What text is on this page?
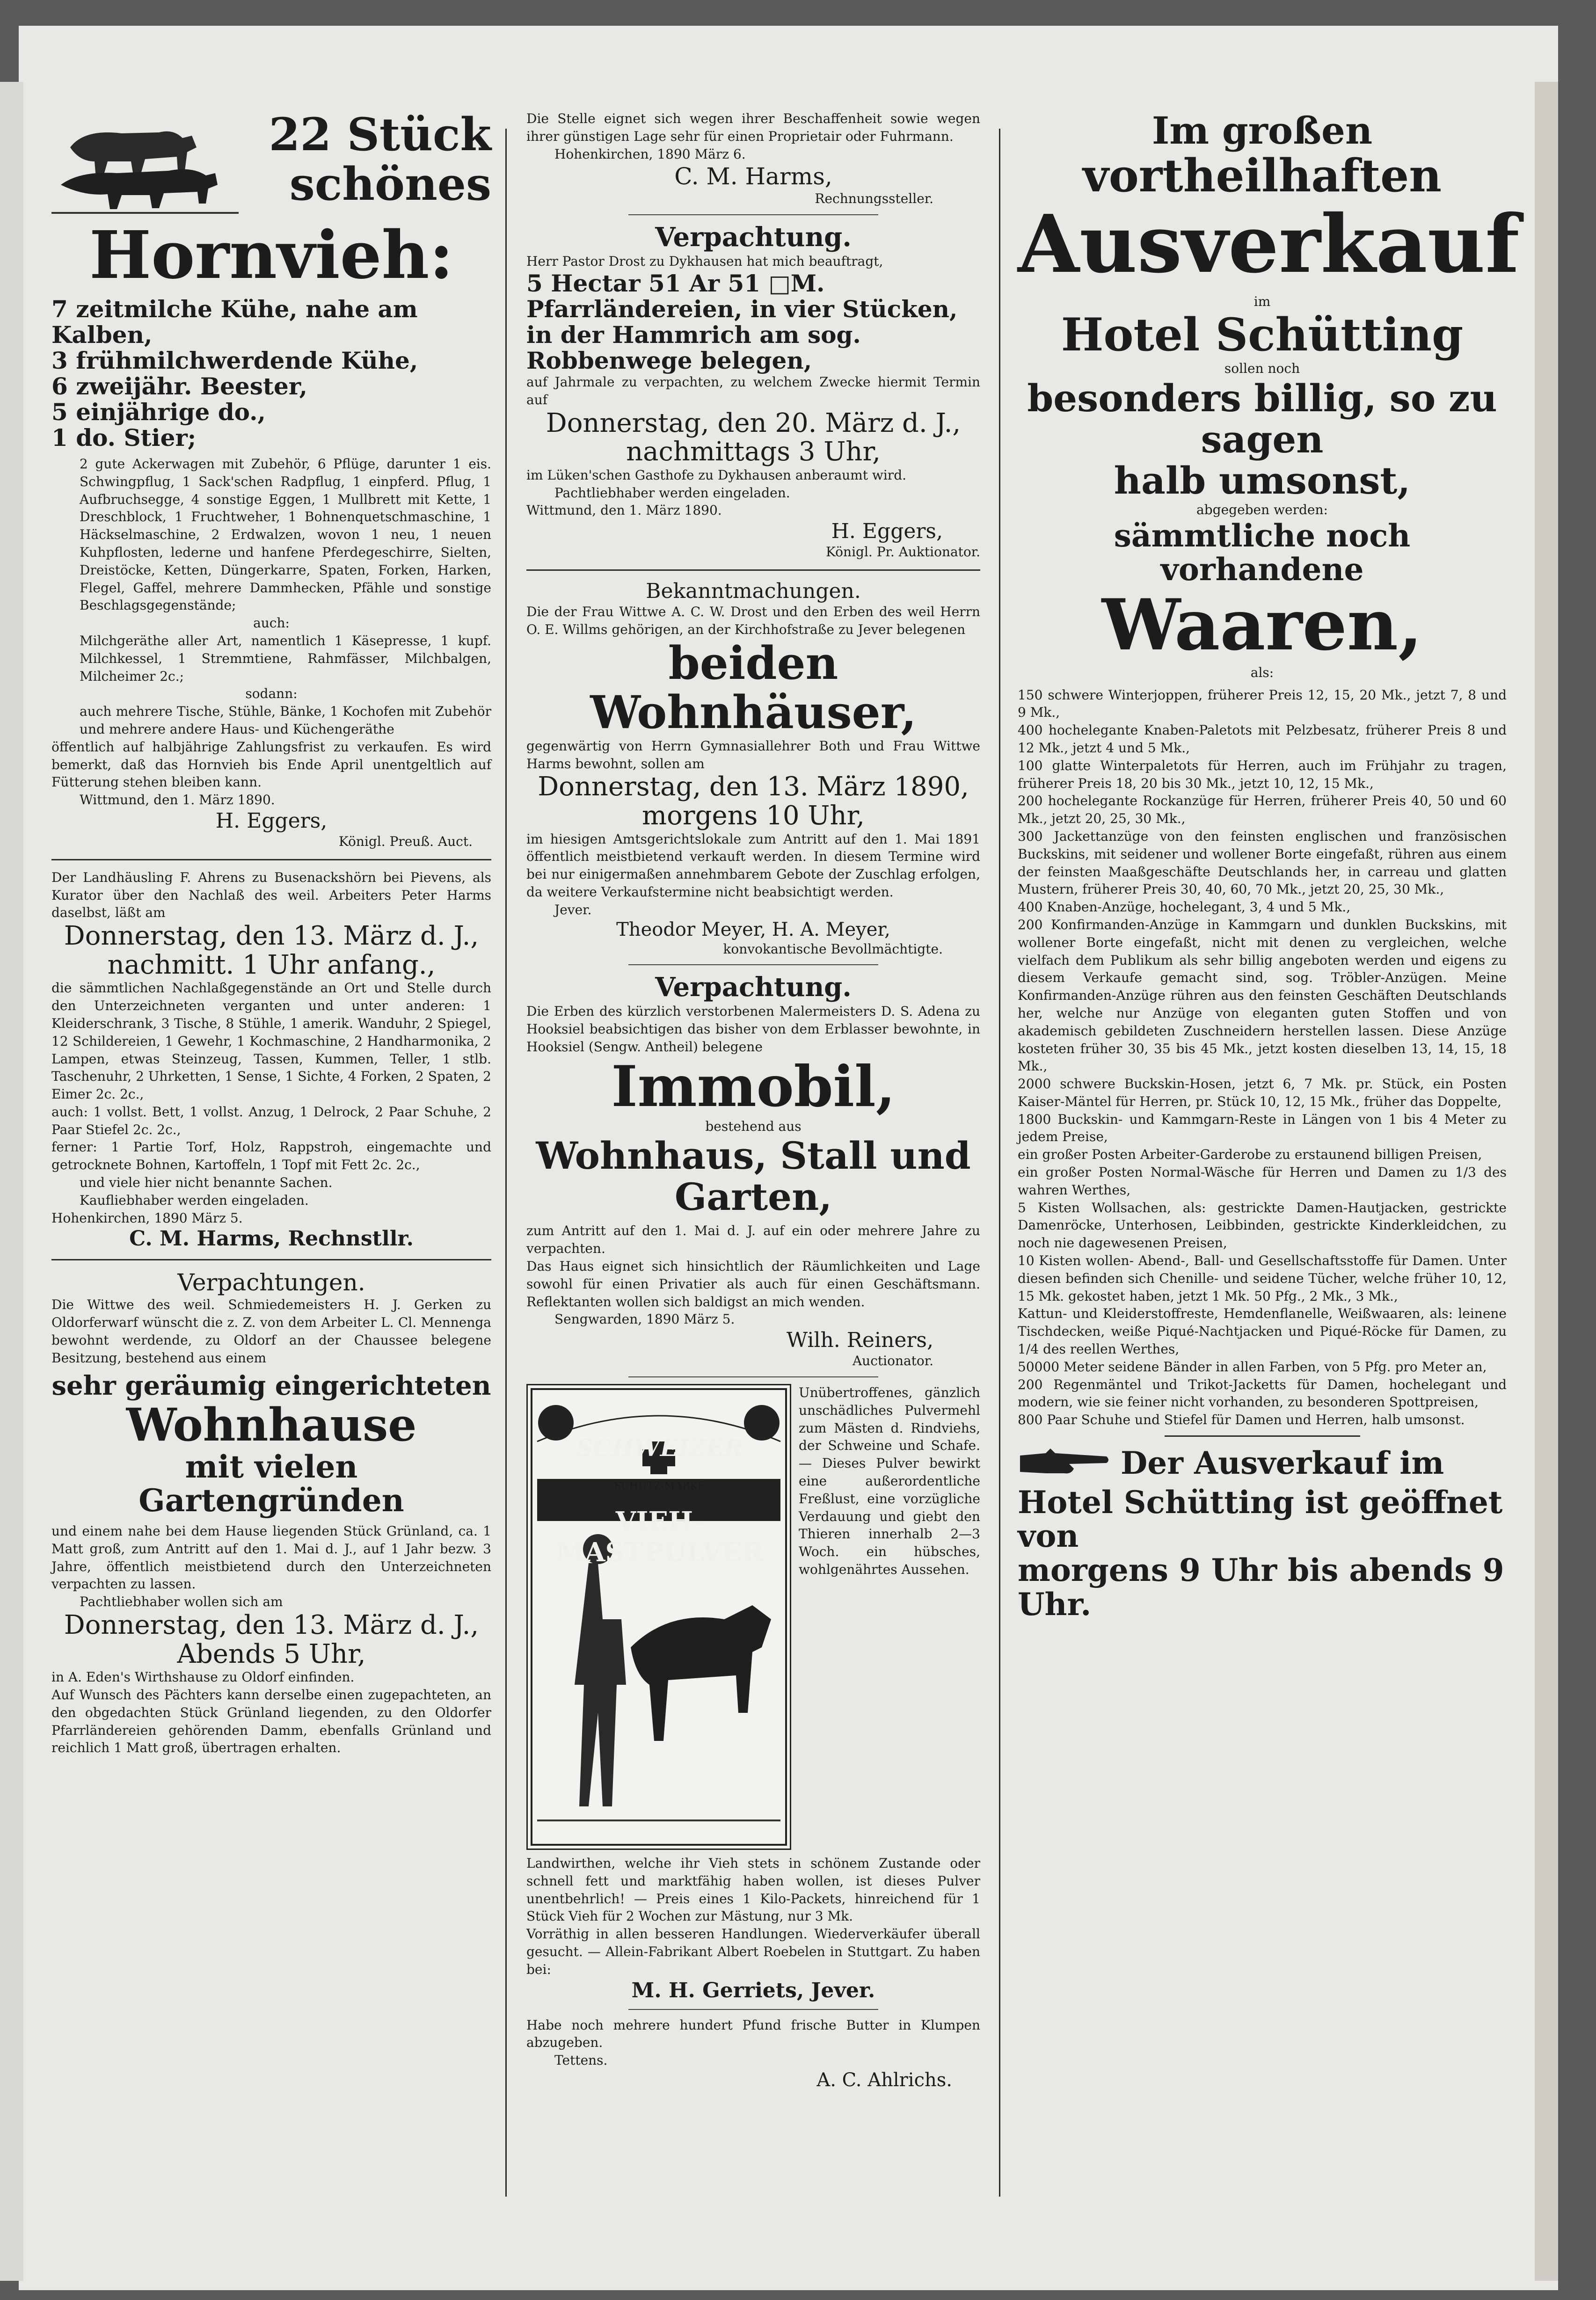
22 Stück
schönes
Hornvieh:
7 zeitmilche Kühe, nahe am Kalben,
3 frühmilchwerdende Kühe,
6 zweijähr. Beester,
5 einjährige do.,
1 do. Stier;
2 gute Ackerwagen mit Zubehör, 6 Pflüge, darunter 1 eis. Schwingpflug, 1 Sack'schen Radpflug, 1 einpferd. Pflug, 1 Aufbruchsegge, 4 sonstige Eggen, 1 Mullbrett mit Kette, 1 Dreschblock, 1 Fruchtweher, 1 Bohnenquetschmaschine, 1 Häckselmaschine, 2 Erdwalzen, wovon 1 neu, 1 neuen Kuhpflosten, lederne und hanfene Pferdegeschirre, Sielten, Dreistöcke, Ketten, Düngerkarre, Spaten, Forken, Harken, Flegel, Gaffel, mehrere Dammhecken, Pfähle und sonstige Beschlagsgegenstände;
auch:
Milchgeräthe aller Art, namentlich 1 Käsepresse, 1 kupf. Milchkessel, 1 Stremmtiene, Rahmfässer, Milchbalgen, Milcheimer 2c.;
sodann:
auch mehrere Tische, Stühle, Bänke, 1 Kochofen mit Zubehör und mehrere andere Haus- und Küchengeräthe
öffentlich auf halbjährige Zahlungsfrist zu verkaufen. Es wird bemerkt, daß das Hornvieh bis Ende April unentgeltlich auf Fütterung stehen bleiben kann.
Wittmund, den 1. März 1890.
H. Eggers,
Königl. Preuß. Auct.
Der Landhäusling F. Ahrens zu Busenackshörn bei Pievens, als Kurator über den Nachlaß des weil. Arbeiters Peter Harms daselbst, läßt am
Donnerstag, den 13. März d. J.,
nachmitt. 1 Uhr anfang.,
die sämmtlichen Nachlaßgegenstände an Ort und Stelle durch den Unterzeichneten verganten und unter anderen: 1 Kleiderschrank, 3 Tische, 8 Stühle, 1 amerik. Wanduhr, 2 Spiegel, 12 Schildereien, 1 Gewehr, 1 Kochmaschine, 2 Handharmonika, 2 Lampen, etwas Steinzeug, Tassen, Kummen, Teller, 1 stlb. Taschenuhr, 2 Uhrketten, 1 Sense, 1 Sichte, 4 Forken, 2 Spaten, 2 Eimer 2c. 2c.,
auch: 1 vollst. Bett, 1 vollst. Anzug, 1 Delrock, 2 Paar Schuhe, 2 Paar Stiefel 2c. 2c.,
ferner: 1 Partie Torf, Holz, Rappstroh, eingemachte und getrocknete Bohnen, Kartoffeln, 1 Topf mit Fett 2c. 2c.,
und viele hier nicht benannte Sachen.
Kaufliebhaber werden eingeladen.
Hohenkirchen, 1890 März 5.
C. M. Harms, Rechnstllr.
Verpachtungen.
Die Wittwe des weil. Schmiedemeisters H. J. Gerken zu Oldorferwarf wünscht die z. Z. von dem Arbeiter L. Cl. Mennenga bewohnt werdende, zu Oldorf an der Chaussee belegene Besitzung, bestehend aus einem
sehr geräumig eingerichteten
Wohnhause
mit vielen Gartengründen
und einem nahe bei dem Hause liegenden Stück Grünland, ca. 1 Matt groß, zum Antritt auf den 1. Mai d. J., auf 1 Jahr bezw. 3 Jahre, öffentlich meistbietend durch den Unterzeichneten verpachten zu lassen.
Pachtliebhaber wollen sich am
Donnerstag, den 13. März d. J.,
Abends 5 Uhr,
in A. Eden's Wirthshause zu Oldorf einfinden.
Auf Wunsch des Pächters kann derselbe einen zugepachteten, an den obgedachten Stück Grünland liegenden, zu den Oldorfer Pfarrländereien gehörenden Damm, ebenfalls Grünland und reichlich 1 Matt groß, übertragen erhalten.
Die Stelle eignet sich wegen ihrer Beschaffenheit sowie wegen ihrer günstigen Lage sehr für einen Proprietair oder Fuhrmann.
Hohenkirchen, 1890 März 6.
C. M. Harms,
Rechnungssteller.
Verpachtung.
Herr Pastor Drost zu Dykhausen hat mich beauftragt,
5 Hectar 51 Ar 51 □M. Pfarrländereien, in vier Stücken, in der Hammrich am sog. Robbenwege belegen,
auf Jahrmale zu verpachten, zu welchem Zwecke hiermit Termin auf
Donnerstag, den 20. März d. J.,
nachmittags 3 Uhr,
im Lüken'schen Gasthofe zu Dykhausen anberaumt wird.
Pachtliebhaber werden eingeladen.
Wittmund, den 1. März 1890.
H. Eggers,
Königl. Pr. Auktionator.
Bekanntmachungen.
Die der Frau Wittwe A. C. W. Drost und den Erben des weil Herrn O. E. Willms gehörigen, an der Kirchhofstraße zu Jever belegenen
beiden Wohnhäuser,
gegenwärtig von Herrn Gymnasiallehrer Both und Frau Wittwe Harms bewohnt, sollen am
Donnerstag, den 13. März 1890,
morgens 10 Uhr,
im hiesigen Amtsgerichtslokale zum Antritt auf den 1. Mai 1891 öffentlich meistbietend verkauft werden. In diesem Termine wird bei nur einigermaßen annehmbarem Gebote der Zuschlag erfolgen, da weitere Verkaufstermine nicht beabsichtigt werden.
Jever.
Theodor Meyer, H. A. Meyer,
konvokantische Bevollmächtigte.
Verpachtung.
Die Erben des kürzlich verstorbenen Malermeisters D. S. Adena zu Hooksiel beabsichtigen das bisher von dem Erblasser bewohnte, in Hooksiel (Sengw. Antheil) belegene
Immobil,
bestehend aus
Wohnhaus, Stall und Garten,
zum Antritt auf den 1. Mai d. J. auf ein oder mehrere Jahre zu verpachten.
Das Haus eignet sich hinsichtlich der Räumlichkeiten und Lage sowohl für einen Privatier als auch für einen Geschäftsmann. Reflektanten wollen sich baldigst an mich wenden.
Sengwarden, 1890 März 5.
Wilh. Reiners,
Auctionator.
Unübertroffenes, gänzlich unschädliches Pulvermehl zum Mästen d. Rindviehs, der Schweine und Schafe. — Dieses Pulver bewirkt eine außerordentliche Freßlust, eine vorzügliche Verdauung und giebt den Thieren innerhalb 2—3 Woch. ein hübsches, wohlgenährtes Aussehen.
SCHWEIZER
SCHUTZ-MARKE
VIEH-MASTPULVER
Landwirthen, welche ihr Vieh stets in schönem Zustande oder schnell fett und marktfähig haben wollen, ist dieses Pulver unentbehrlich! — Preis eines 1 Kilo-Packets, hinreichend für 1 Stück Vieh für 2 Wochen zur Mästung, nur 3 Mk.
Vorräthig in allen besseren Handlungen. Wiederverkäufer überall gesucht. — Allein-Fabrikant Albert Roebelen in Stuttgart. Zu haben bei:
M. H. Gerriets, Jever.
Habe noch mehrere hundert Pfund frische Butter in Klumpen abzugeben.
Tettens.
A. C. Ahlrichs.
Im großen
vortheilhaften
Ausverkauf
im
Hotel Schütting
sollen noch
besonders billig, so zu sagen
halb umsonst,
abgegeben werden:
sämmtliche noch vorhandene
Waaren,
als:
150 schwere Winterjoppen, früherer Preis 12, 15, 20 Mk., jetzt 7, 8 und 9 Mk.,
400 hochelegante Knaben-Paletots mit Pelzbesatz, früherer Preis 8 und 12 Mk., jetzt 4 und 5 Mk.,
100 glatte Winterpaletots für Herren, auch im Frühjahr zu tragen, früherer Preis 18, 20 bis 30 Mk., jetzt 10, 12, 15 Mk.,
200 hochelegante Rockanzüge für Herren, früherer Preis 40, 50 und 60 Mk., jetzt 20, 25, 30 Mk.,
300 Jackettanzüge von den feinsten englischen und französischen Buckskins, mit seidener und wollener Borte eingefaßt, rühren aus einem der feinsten Maaßgeschäfte Deutschlands her, in carreau und glatten Mustern, früherer Preis 30, 40, 60, 70 Mk., jetzt 20, 25, 30 Mk.,
400 Knaben-Anzüge, hochelegant, 3, 4 und 5 Mk.,
200 Konfirmanden-Anzüge in Kammgarn und dunklen Buckskins, mit wollener Borte eingefaßt, nicht mit denen zu vergleichen, welche vielfach dem Publikum als sehr billig angeboten werden und eigens zu diesem Verkaufe gemacht sind, sog. Tröbler-Anzügen. Meine Konfirmanden-Anzüge rühren aus den feinsten Geschäften Deutschlands her, welche nur Anzüge von eleganten guten Stoffen und von akademisch gebildeten Zuschneidern herstellen lassen. Diese Anzüge kosteten früher 30, 35 bis 45 Mk., jetzt kosten dieselben 13, 14, 15, 18 Mk.,
2000 schwere Buckskin-Hosen, jetzt 6, 7 Mk. pr. Stück, ein Posten Kaiser-Mäntel für Herren, pr. Stück 10, 12, 15 Mk., früher das Doppelte,
1800 Buckskin- und Kammgarn-Reste in Längen von 1 bis 4 Meter zu jedem Preise,
ein großer Posten Arbeiter-Garderobe zu erstaunend billigen Preisen,
ein großer Posten Normal-Wäsche für Herren und Damen zu 1/3 des wahren Werthes,
5 Kisten Wollsachen, als: gestrickte Damen-Hautjacken, gestrickte Damenröcke, Unterhosen, Leibbinden, gestrickte Kinderkleidchen, zu noch nie dagewesenen Preisen,
10 Kisten wollen- Abend-, Ball- und Gesellschaftsstoffe für Damen. Unter diesen befinden sich Chenille- und seidene Tücher, welche früher 10, 12, 15 Mk. gekostet haben, jetzt 1 Mk. 50 Pfg., 2 Mk., 3 Mk.,
Kattun- und Kleiderstoffreste, Hemdenflanelle, Weißwaaren, als: leinene Tischdecken, weiße Piqué-Nachtjacken und Piqué-Röcke für Damen, zu 1/4 des reellen Werthes,
50000 Meter seidene Bänder in allen Farben, von 5 Pfg. pro Meter an,
200 Regenmäntel und Trikot-Jacketts für Damen, hochelegant und modern, wie sie feiner nicht vorhanden, zu besonderen Spottpreisen,
800 Paar Schuhe und Stiefel für Damen und Herren, halb umsonst.
Der Ausverkauf im
Hotel Schütting ist geöffnet von
morgens 9 Uhr bis abends 9 Uhr.
